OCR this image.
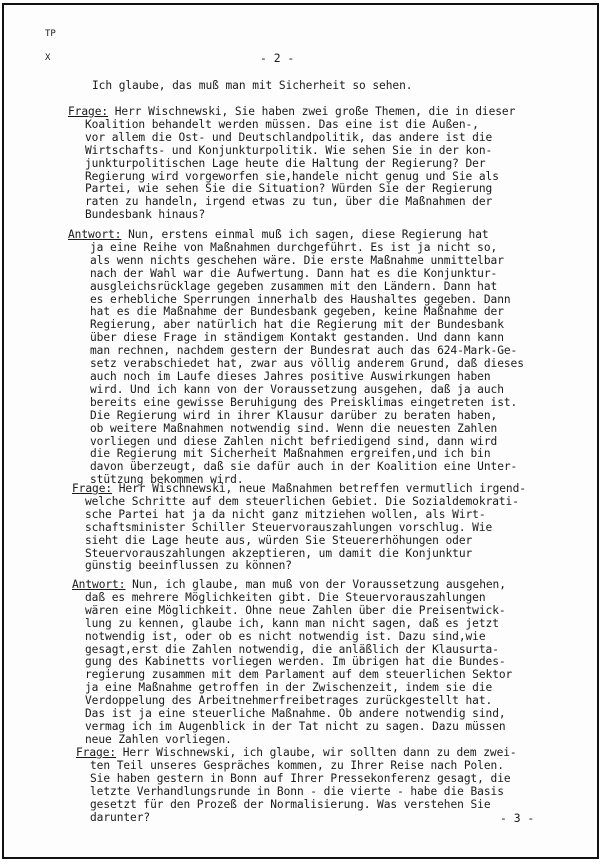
TP
X	- 2 -
Ich glaube, das muß man mit Sicherheit so sehen.
Frage: Herr Wischnewski, Sie haben zwei große Themen, die in dieser
Koalition behandelt werden müssen. Das eine ist die Außen-,
vor allem die Ost- und Deutschlandpolitik, das andere ist die
Wirtschafts- und Konjunkturpolitik. Wie sehen Sie in der kon-
junkturpolitischen Lage heute die Haltung der Regierung? Der
Regierung wird vorgeworfen sie,handele nicht genug und Sie als
Partei, wie sehen Sie die Situation? Würden Sie der Regierung
raten zu handeln, irgend etwas zu tun, über die Maßnahmen der
Bundesbank hinaus?
Antwort: Nun, erstens einmal muß ich sagen, diese Regierung hat
ja eine Reihe von Maßnahmen durchgeführt. Es ist ja nicht so,
als wenn nichts geschehen wäre. Die erste Maßnahme unmittelbar
nach der Wahl war die Aufwertung. Dann hat es die Konjunktur-
ausgleichsrücklage gegeben zusammen mit den Ländern. Dann hat
es erhebliche Sperrungen innerhalb des Haushaltes gegeben. Dann
hat es die Maßnahme der Bundesbank gegeben, keine Maßnahme der
Regierung, aber natürlich hat die Regierung mit der Bundesbank
über diese Frage in ständigem Kontakt gestanden. Und dann kann
man rechnen, nachdem gestern der Bundesrat auch das 624-Mark-Ge-
setz verabschiedet hat, zwar aus völlig anderem Grund, daß dieses
auch noch im Laufe dieses Jahres positive Auswirkungen haben
wird. Und ich kann von der Voraussetzung ausgehen, daß ja auch
bereits eine gewisse Beruhigung des Preisklimas eingetreten ist.
Die Regierung wird in ihrer Klausur darüber zu beraten haben,
ob weitere Maßnahmen notwendig sind. Wenn die neuesten Zahlen
vorliegen und diese Zahlen nicht befriedigend sind, dann wird
die Regierung mit Sicherheit Maßnahmen ergreifen,und ich bin
davon überzeugt, daß sie dafür auch in der Koalition eine Unter-
stützung bekommen wird.
Frage: Herr Wischnewski, neue Maßnahmen betreffen vermutlich irgend-
welche Schritte auf dem steuerlichen Gebiet. Die Sozialdemokrati-
sche Partei hat ja da nicht ganz mitziehen wollen, als Wirt-
schaftsminister Schiller Steuervorauszahlungen vorschlug. Wie
sieht die Lage heute aus, würden Sie Steuererhöhungen oder
Steuervorauszahlungen akzeptieren, um damit die Konjunktur
günstig beeinflussen zu können?
Antwort: Nun, ich glaube, man muß von der Voraussetzung ausgehen,
daß es mehrere Möglichkeiten gibt. Die Steuervorauszahlungen
wären eine Möglichkeit. Ohne neue Zahlen über die Preisentwick-
lung zu kennen, glaube ich, kann man nicht sagen, daß es jetzt
notwendig ist, oder ob es nicht notwendig ist. Dazu sind,wie
gesagt,erst die Zahlen notwendig, die anläßlich der Klausurta-
gung des Kabinetts vorliegen werden. Im übrigen hat die Bundes-
regierung zusammen mit dem Parlament auf dem steuerlichen Sektor
ja eine Maßnahme getroffen in der Zwischenzeit, indem sie die
Verdoppelung des Arbeitnehmerfreibetrages zurückgestellt hat.
Das ist ja eine steuerliche Maßnahme. Ob andere notwendig sind,
vermag ich im Augenblick in der Tat nicht zu sagen. Dazu müssen
neue Zahlen vorliegen.
Frage: Herr Wischnewski, ich glaube, wir sollten dann zu dem zwei-
ten Teil unseres Gespräches kommen, zu Ihrer Reise nach Polen.
Sie haben gestern in Bonn auf Ihrer Pressekonferenz gesagt, die
letzte Verhandlungsrunde in Bonn - die vierte - habe die Basis
gesetzt für den Prozeß der Normalisierung. Was verstehen Sie
darunter?	- 3 -
